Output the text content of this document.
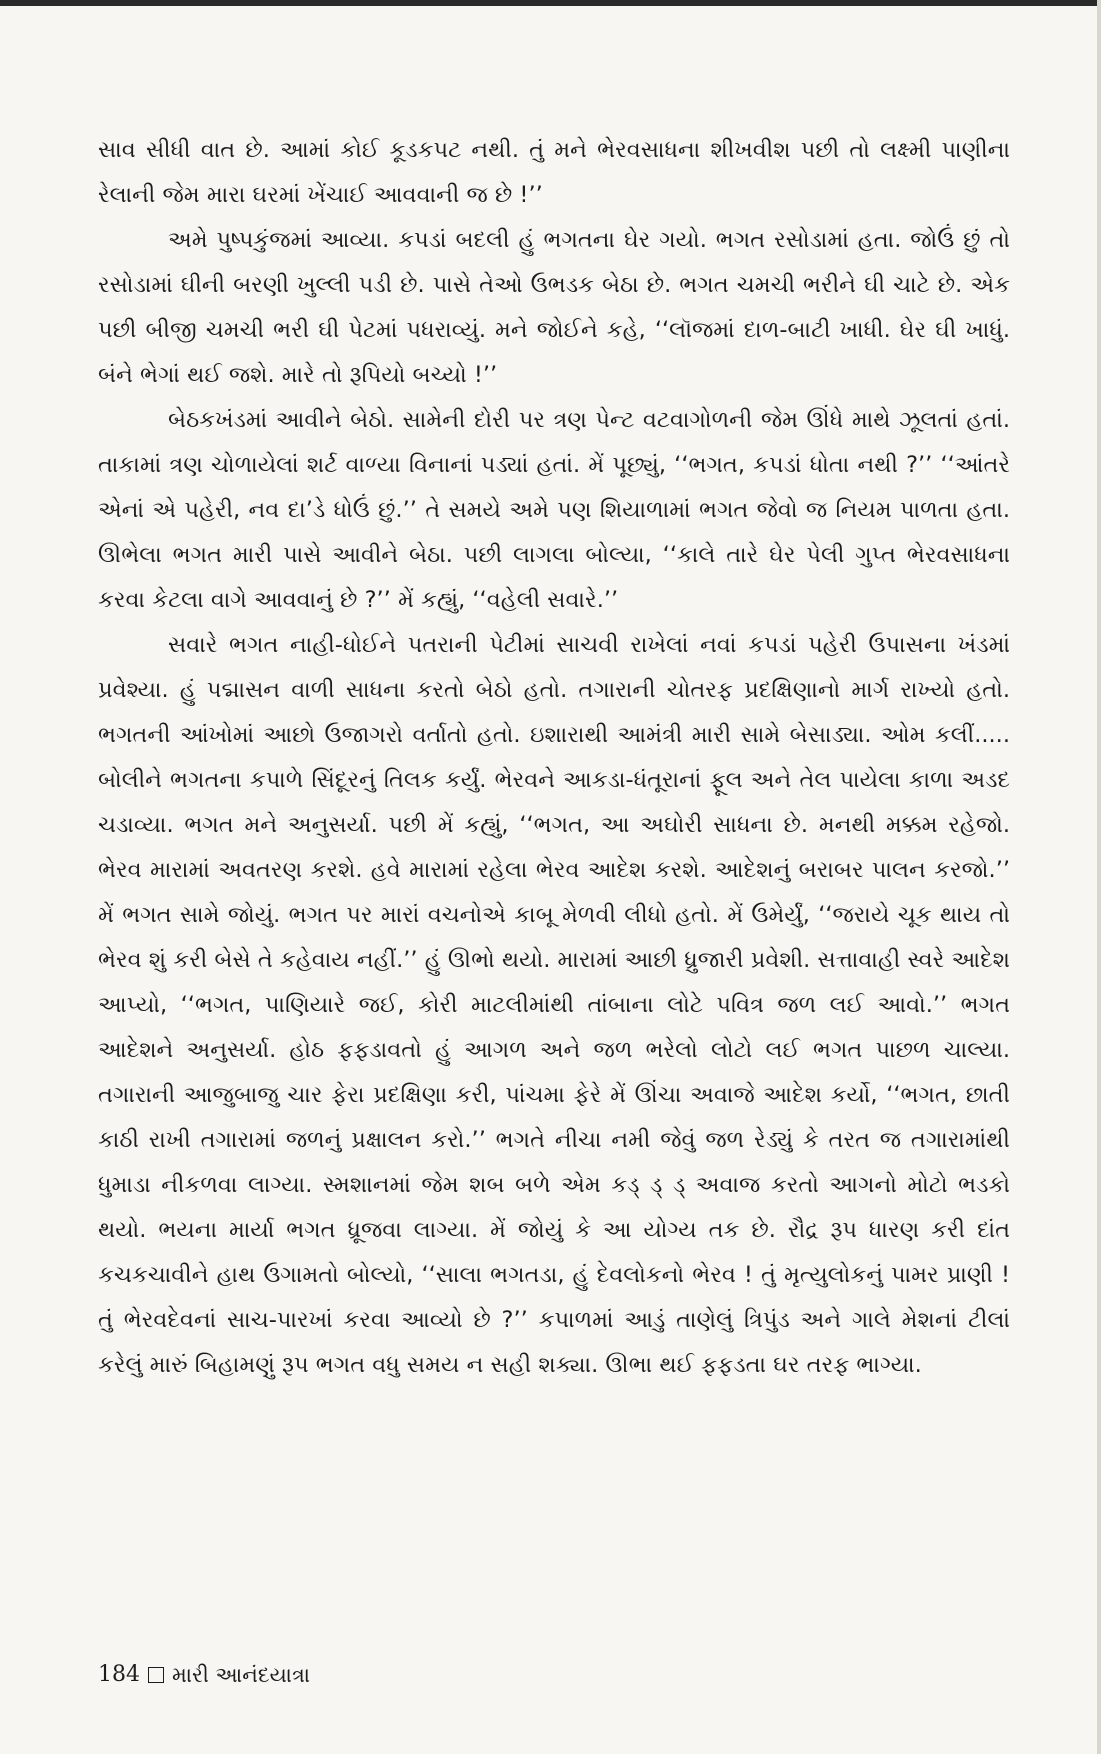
સાવ સીધી વાત છે. આમાં કોઈ કૂડકપટ નથી. તું મને ભેરવસાધના શીખવીશ પછી તો લક્ષ્મી પાણીના રેલાની જેમ મારા ઘરમાં ખેંચાઈ આવવાની જ છે !’’

અમે પુષ્પકુંજમાં આવ્યા. કપડાં બદલી હું ભગતના ઘેર ગયો. ભગત રસોડામાં હતા. જોઉં છું તો રસોડામાં ઘીની બરણી ખુલ્લી પડી છે. પાસે તેઓ ઉભડક બેઠા છે. ભગત ચમચી ભરીને ઘી ચાટે છે. એક પછી બીજી ચમચી ભરી ઘી પેટમાં પધરાવ્યું. મને જોઈને કહે, ‘‘લૉજમાં દાળ-બાટી ખાધી. ઘેર ઘી ખાધું. બંને ભેગાં થઈ જશે. મારે તો રૂપિયો બચ્યો !’’

બેઠકખંડમાં આવીને બેઠો. સામેની દોરી પર ત્રણ પેન્ટ વટવાગોળની જેમ ઊંધે માથે ઝૂલતાં હતાં. તાકામાં ત્રણ ચોળાયેલાં શર્ટ વાળ્યા વિનાનાં પડ્યાં હતાં. મેં પૂછ્યું, ‘‘ભગત, કપડાં ધોતા નથી ?’’ ‘‘આંતરે એનાં એ પહેરી, નવ દા’ડે ધોઉં છું.’’ તે સમયે અમે પણ શિયાળામાં ભગત જેવો જ નિયમ પાળતા હતા. ઊભેલા ભગત મારી પાસે આવીને બેઠા. પછી લાગલા બોલ્યા, ‘‘કાલે તારે ઘેર પેલી ગુપ્ત ભેરવસાધના કરવા કેટલા વાગે આવવાનું છે ?’’ મેં કહ્યું, ‘‘વહેલી સવારે.’’

સવારે ભગત નાહી-ધોઈને પતરાની પેટીમાં સાચવી રાખેલાં નવાં કપડાં પહેરી ઉપાસના ખંડમાં પ્રવેશ્યા. હું પદ્માસન વાળી સાધના કરતો બેઠો હતો. તગારાની ચોતરફ પ્રદક્ષિણાનો માર્ગ રાખ્યો હતો. ભગતની આંખોમાં આછો ઉજાગરો વર્તાતો હતો. ઇશારાથી આમંત્રી મારી સામે બેસાડ્યા. ઓમ કલીં..... બોલીને ભગતના કપાળે સિંદૂરનું તિલક કર્યું. ભેરવને આકડા-ધંતૂરાનાં ફૂલ અને તેલ પાયેલા કાળા અડદ ચડાવ્યા. ભગત મને અનુસર્યા. પછી મેં કહ્યું, ‘‘ભગત, આ અઘોરી સાધના છે. મનથી મક્કમ રહેજો. ભેરવ મારામાં અવતરણ કરશે. હવે મારામાં રહેલા ભેરવ આદેશ કરશે. આદેશનું બરાબર પાલન કરજો.’’ મેં ભગત સામે જોયું. ભગત પર મારાં વચનોએ કાબૂ મેળવી લીધો હતો. મેં ઉમેર્યું, ‘‘જરાયે ચૂક થાય તો ભેરવ શું કરી બેસે તે કહેવાય નહીં.’’ હું ઊભો થયો. મારામાં આછી ધ્રુજારી પ્રવેશી. સત્તાવાહી સ્વરે આદેશ આપ્યો, ‘‘ભગત, પાણિયારે જઈ, કોરી માટલીમાંથી તાંબાના લોટે પવિત્ર જળ લઈ આવો.’’ ભગત આદેશને અનુસર્યા. હોઠ ફફડાવતો હું આગળ અને જળ ભરેલો લોટો લઈ ભગત પાછળ ચાલ્યા. તગારાની આજુબાજુ ચાર ફેરા પ્રદક્ષિણા કરી, પાંચમા ફેરે મેં ઊંચા અવાજે આદેશ કર્યો, ‘‘ભગત, છાતી કાઠી રાખી તગારામાં જળનું પ્રક્ષાલન કરો.’’ ભગતે નીચા નમી જેવું જળ રેડ્યું કે તરત જ તગારામાંથી ધુમાડા નીકળવા લાગ્યા. સ્મશાનમાં જેમ શબ બળે એમ કડ્ ડ્ ડ્ અવાજ કરતો આગનો મોટો ભડકો થયો. ભયના માર્યા ભગત ધ્રૂજવા લાગ્યા. મેં જોયું કે આ યોગ્ય તક છે. રૌદ્ર રૂપ ધારણ કરી દાંત કચકચાવીને હાથ ઉગામતો બોલ્યો, ‘‘સાલા ભગતડા, હું દેવલોકનો ભેરવ ! તું મૃત્યુલોકનું પામર પ્રાણી ! તું ભેરવદેવનાં સાચ-પારખાં કરવા આવ્યો છે ?’’ કપાળમાં આડું તાણેલું ત્રિપુંડ અને ગાલે મેશનાં ટીલાં કરેલું મારું બિહામણું રૂપ ભગત વધુ સમય ન સહી શક્યા. ઊભા થઈ ફફડતા ઘર તરફ ભાગ્યા.

184 મારી આનંદયાત્રા
